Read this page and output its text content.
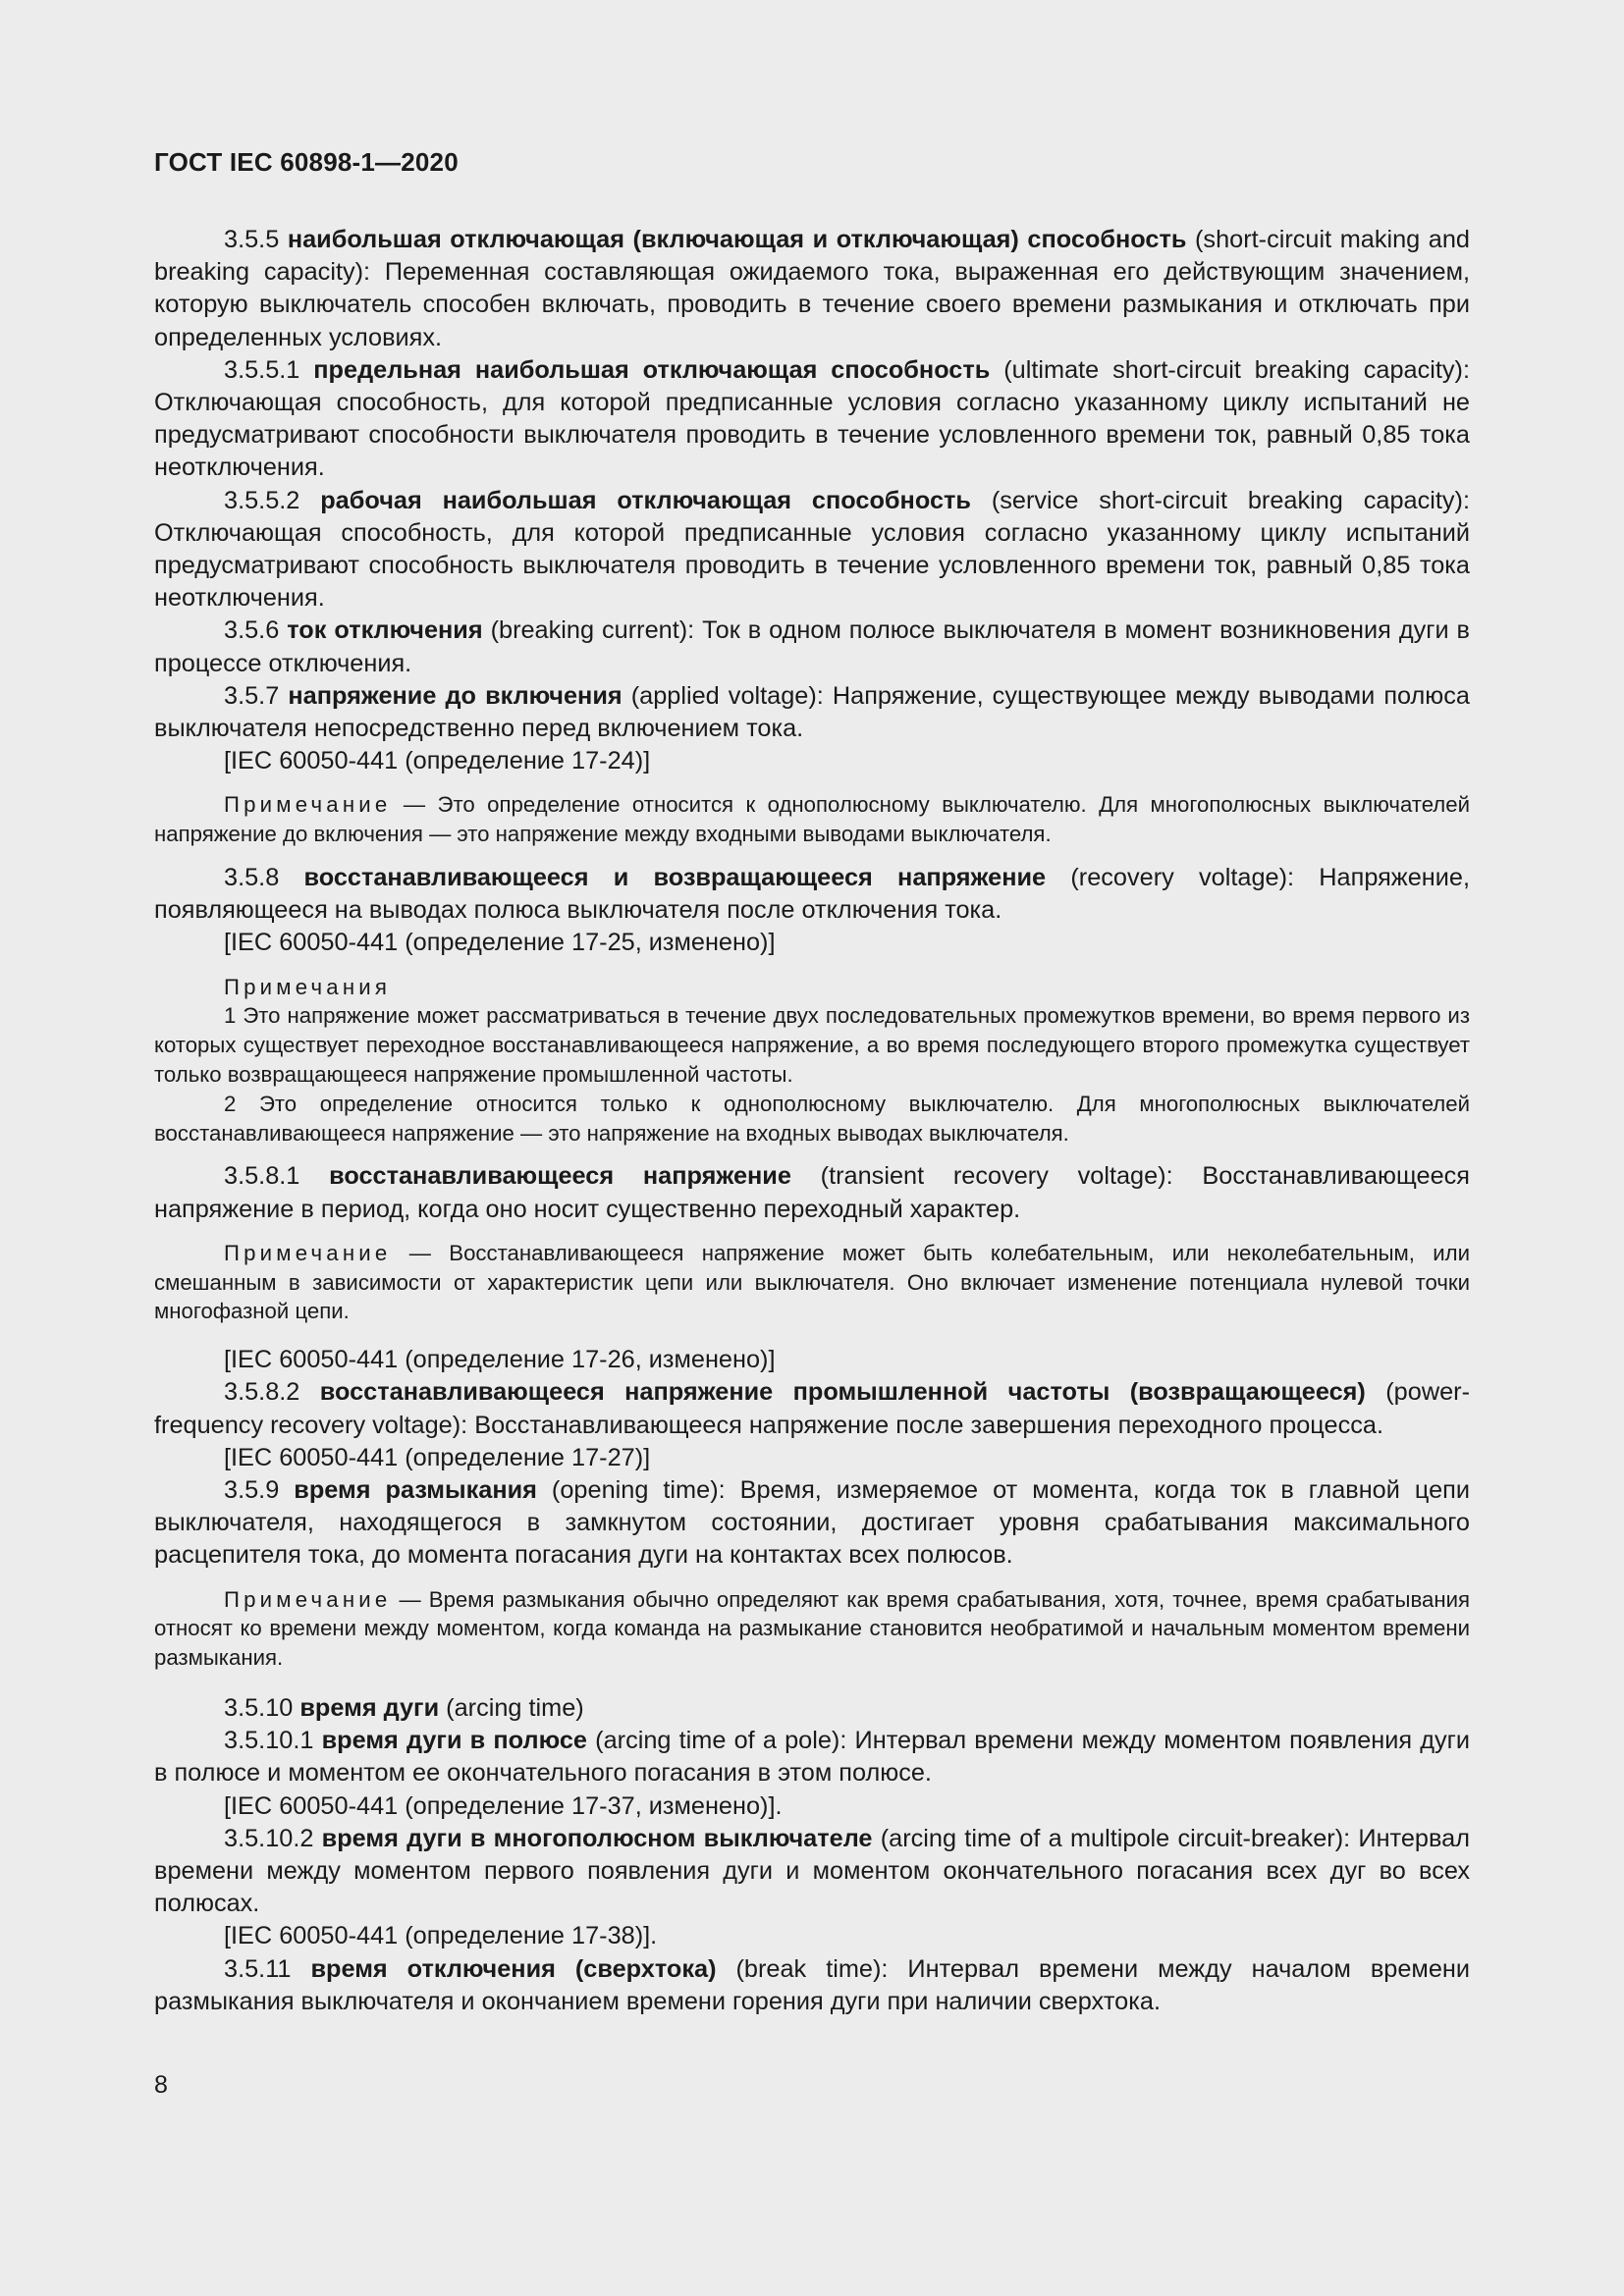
ГОСТ IEC 60898-1—2020

3.5.5 наибольшая отключающая (включающая и отключающая) способность (short-circuit making and breaking capacity): Переменная составляющая ожидаемого тока, выраженная его действующим значением, которую выключатель способен включать, проводить в течение своего времени размыкания и отключать при определенных условиях.

3.5.5.1 предельная наибольшая отключающая способность (ultimate short-circuit breaking capacity): Отключающая способность, для которой предписанные условия согласно указанному циклу испытаний не предусматривают способности выключателя проводить в течение условленного времени ток, равный 0,85 тока неотключения.

3.5.5.2 рабочая наибольшая отключающая способность (service short-circuit breaking capacity): Отключающая способность, для которой предписанные условия согласно указанному циклу испытаний предусматривают способность выключателя проводить в течение условленного времени ток, равный 0,85 тока неотключения.

3.5.6 ток отключения (breaking current): Ток в одном полюсе выключателя в момент возникновения дуги в процессе отключения.

3.5.7 напряжение до включения (applied voltage): Напряжение, существующее между выводами полюса выключателя непосредственно перед включением тока.

[IEC 60050-441 (определение 17-24)]

Примечание — Это определение относится к однополюсному выключателю. Для многополюсных выключателей напряжение до включения — это напряжение между входными выводами выключателя.

3.5.8 восстанавливающееся и возвращающееся напряжение (recovery voltage): Напряжение, появляющееся на выводах полюса выключателя после отключения тока.

[IEC 60050-441 (определение 17-25, изменено)]

Примечания

1 Это напряжение может рассматриваться в течение двух последовательных промежутков времени, во время первого из которых существует переходное восстанавливающееся напряжение, а во время последующего второго промежутка существует только возвращающееся напряжение промышленной частоты.

2 Это определение относится только к однополюсному выключателю. Для многополюсных выключателей восстанавливающееся напряжение — это напряжение на входных выводах выключателя.

3.5.8.1 восстанавливающееся напряжение (transient recovery voltage): Восстанавливающееся напряжение в период, когда оно носит существенно переходный характер.

Примечание — Восстанавливающееся напряжение может быть колебательным, или неколебательным, или смешанным в зависимости от характеристик цепи или выключателя. Оно включает изменение потенциала нулевой точки многофазной цепи.

[IEC 60050-441 (определение 17-26, изменено)]

3.5.8.2 восстанавливающееся напряжение промышленной частоты (возвращающееся) (power-frequency recovery voltage): Восстанавливающееся напряжение после завершения переходного процесса.

[IEC 60050-441 (определение 17-27)]

3.5.9 время размыкания (opening time): Время, измеряемое от момента, когда ток в главной цепи выключателя, находящегося в замкнутом состоянии, достигает уровня срабатывания максимального расцепителя тока, до момента погасания дуги на контактах всех полюсов.

Примечание — Время размыкания обычно определяют как время срабатывания, хотя, точнее, время срабатывания относят ко времени между моментом, когда команда на размыкание становится необратимой и начальным моментом времени размыкания.

3.5.10 время дуги (arcing time)

3.5.10.1 время дуги в полюсе (arcing time of a pole): Интервал времени между моментом появления дуги в полюсе и моментом ее окончательного погасания в этом полюсе.

[IEC 60050-441 (определение 17-37, изменено)].

3.5.10.2 время дуги в многополюсном выключателе (arcing time of a multipole circuit-breaker): Интервал времени между моментом первого появления дуги и моментом окончательного погасания всех дуг во всех полюсах.

[IEC 60050-441 (определение 17-38)].

3.5.11 время отключения (сверхтока) (break time): Интервал времени между началом времени размыкания выключателя и окончанием времени горения дуги при наличии сверхтока.

8
